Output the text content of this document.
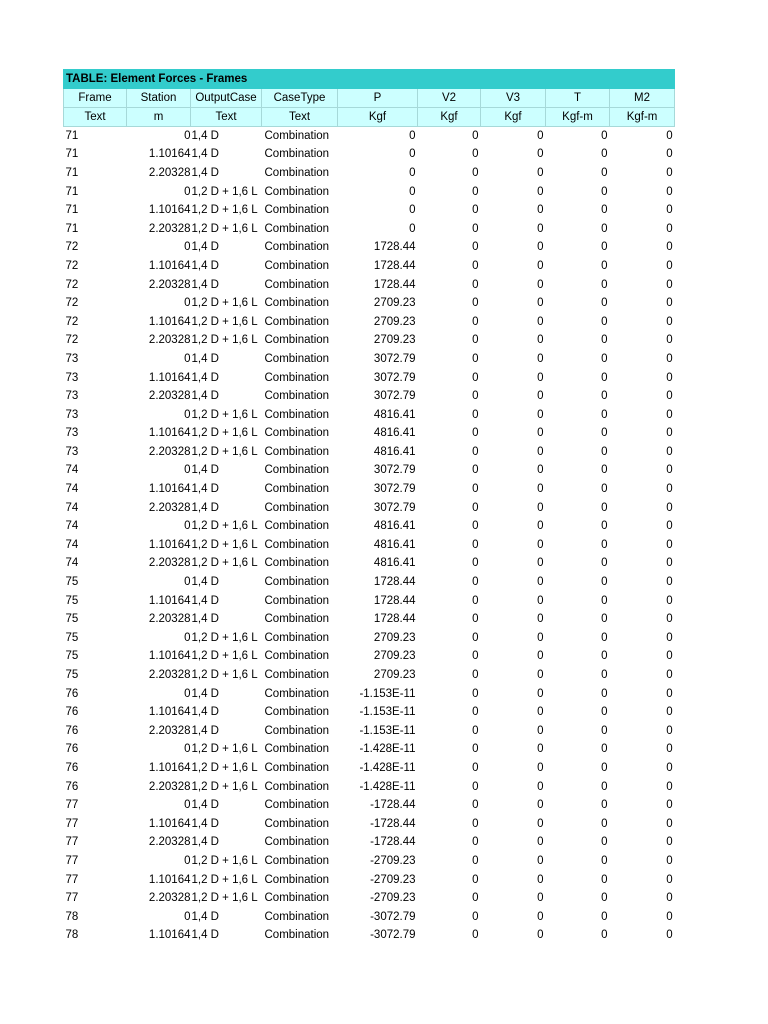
TABLE: Element Forces - Frames								
Frame	Station	OutputCase	CaseType	P	V2	V3	T	M2
Text	m	Text	Text	Kgf	Kgf	Kgf	Kgf-m	Kgf-m
71	0	1,4 D	Combination	0	0	0	0	0
71	1.10164	1,4 D	Combination	0	0	0	0	0
71	2.20328	1,4 D	Combination	0	0	0	0	0
71	0	1,2 D + 1,6 L	Combination	0	0	0	0	0
71	1.10164	1,2 D + 1,6 L	Combination	0	0	0	0	0
71	2.20328	1,2 D + 1,6 L	Combination	0	0	0	0	0
72	0	1,4 D	Combination	1728.44	0	0	0	0
72	1.10164	1,4 D	Combination	1728.44	0	0	0	0
72	2.20328	1,4 D	Combination	1728.44	0	0	0	0
72	0	1,2 D + 1,6 L	Combination	2709.23	0	0	0	0
72	1.10164	1,2 D + 1,6 L	Combination	2709.23	0	0	0	0
72	2.20328	1,2 D + 1,6 L	Combination	2709.23	0	0	0	0
73	0	1,4 D	Combination	3072.79	0	0	0	0
73	1.10164	1,4 D	Combination	3072.79	0	0	0	0
73	2.20328	1,4 D	Combination	3072.79	0	0	0	0
73	0	1,2 D + 1,6 L	Combination	4816.41	0	0	0	0
73	1.10164	1,2 D + 1,6 L	Combination	4816.41	0	0	0	0
73	2.20328	1,2 D + 1,6 L	Combination	4816.41	0	0	0	0
74	0	1,4 D	Combination	3072.79	0	0	0	0
74	1.10164	1,4 D	Combination	3072.79	0	0	0	0
74	2.20328	1,4 D	Combination	3072.79	0	0	0	0
74	0	1,2 D + 1,6 L	Combination	4816.41	0	0	0	0
74	1.10164	1,2 D + 1,6 L	Combination	4816.41	0	0	0	0
74	2.20328	1,2 D + 1,6 L	Combination	4816.41	0	0	0	0
75	0	1,4 D	Combination	1728.44	0	0	0	0
75	1.10164	1,4 D	Combination	1728.44	0	0	0	0
75	2.20328	1,4 D	Combination	1728.44	0	0	0	0
75	0	1,2 D + 1,6 L	Combination	2709.23	0	0	0	0
75	1.10164	1,2 D + 1,6 L	Combination	2709.23	0	0	0	0
75	2.20328	1,2 D + 1,6 L	Combination	2709.23	0	0	0	0
76	0	1,4 D	Combination	-1.153E-11	0	0	0	0
76	1.10164	1,4 D	Combination	-1.153E-11	0	0	0	0
76	2.20328	1,4 D	Combination	-1.153E-11	0	0	0	0
76	0	1,2 D + 1,6 L	Combination	-1.428E-11	0	0	0	0
76	1.10164	1,2 D + 1,6 L	Combination	-1.428E-11	0	0	0	0
76	2.20328	1,2 D + 1,6 L	Combination	-1.428E-11	0	0	0	0
77	0	1,4 D	Combination	-1728.44	0	0	0	0
77	1.10164	1,4 D	Combination	-1728.44	0	0	0	0
77	2.20328	1,4 D	Combination	-1728.44	0	0	0	0
77	0	1,2 D + 1,6 L	Combination	-2709.23	0	0	0	0
77	1.10164	1,2 D + 1,6 L	Combination	-2709.23	0	0	0	0
77	2.20328	1,2 D + 1,6 L	Combination	-2709.23	0	0	0	0
78	0	1,4 D	Combination	-3072.79	0	0	0	0
78	1.10164	1,4 D	Combination	-3072.79	0	0	0	0
